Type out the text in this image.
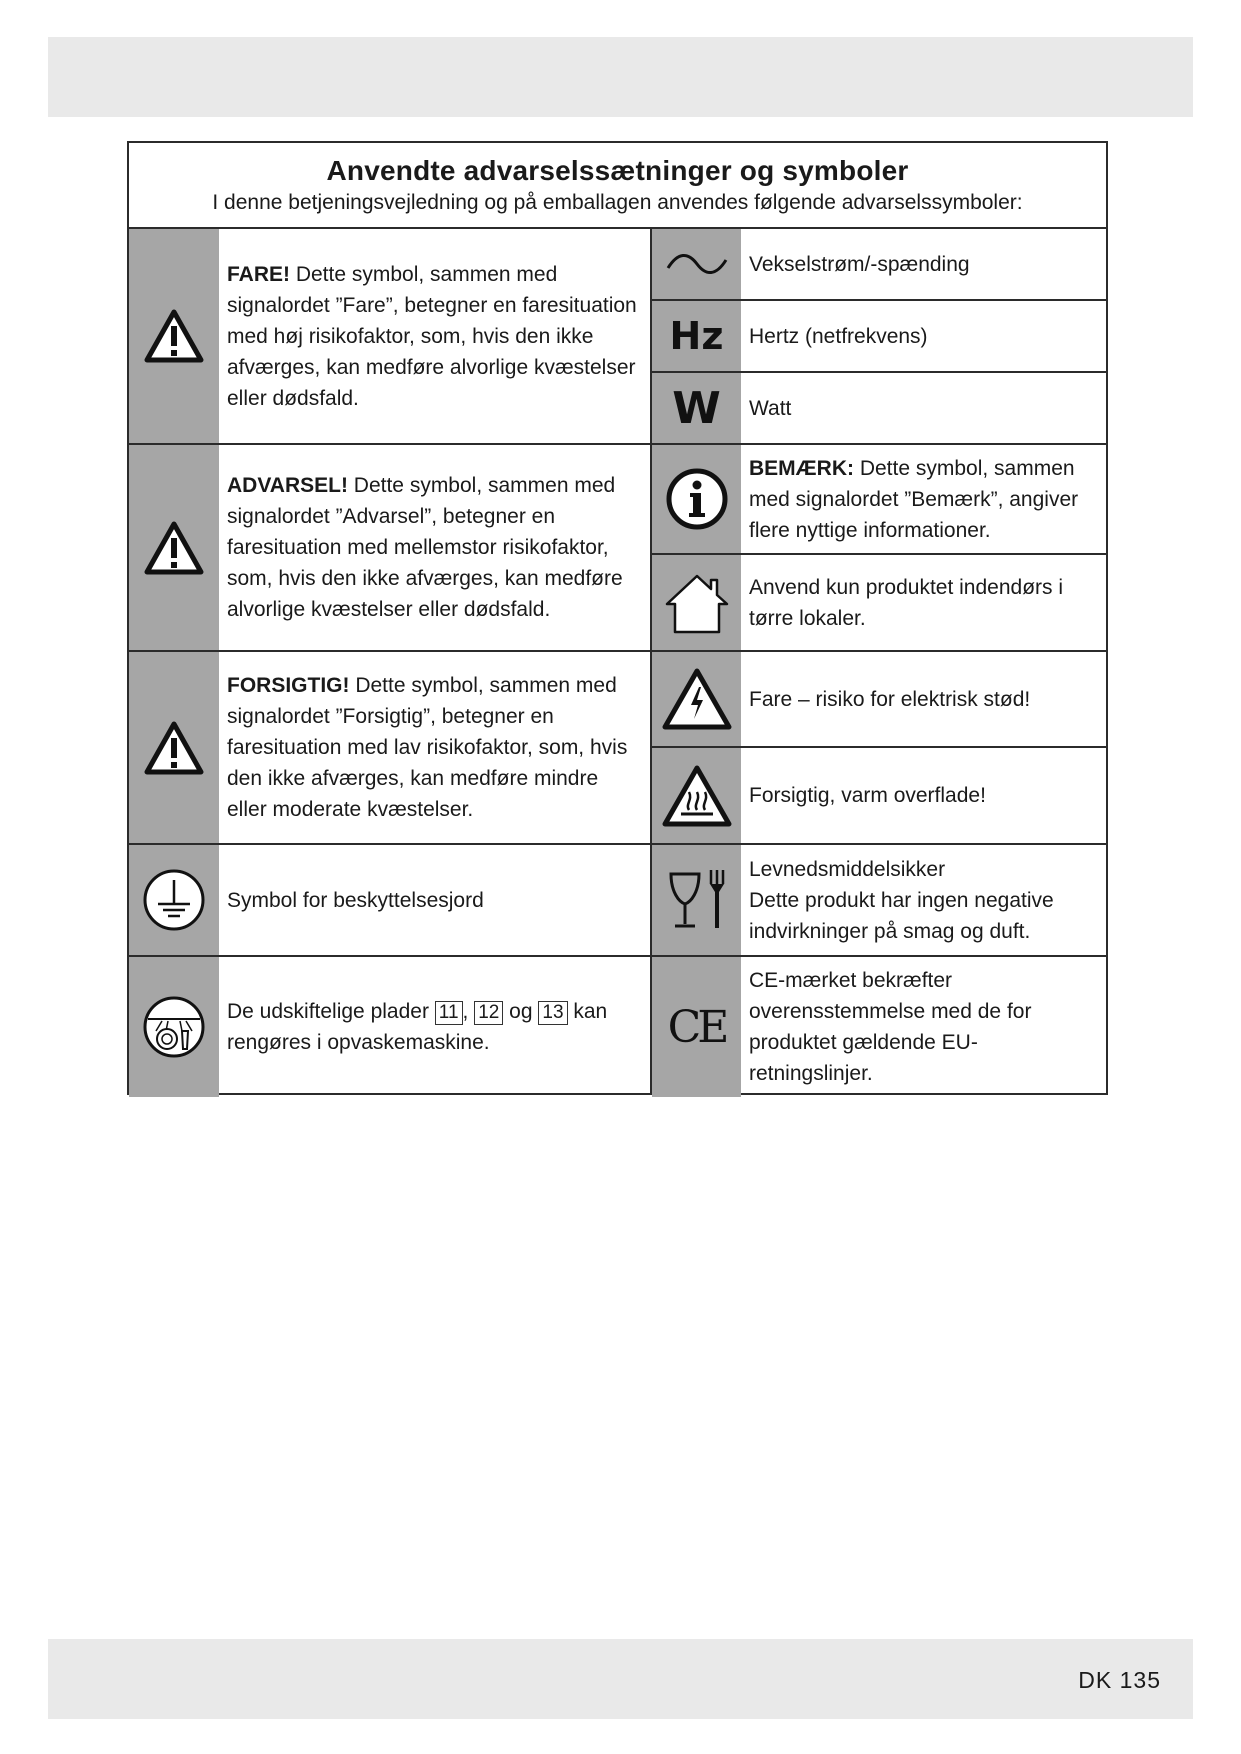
Anvendte advarselssætninger og symboler
I denne betjeningsvejledning og på emballagen anvendes følgende advarselssymboler:
FARE! Dette symbol, sammen med signalordet ”Fare”, betegner en faresituation med høj risikofaktor, som, hvis den ikke afværges, kan medføre alvorlige kvæstelser eller dødsfald.
ADVARSEL! Dette symbol, sammen med signalordet ”Advarsel”, betegner en faresituation med mellemstor risikofaktor, som, hvis den ikke afværges, kan medføre alvorlige kvæstelser eller dødsfald.
FORSIGTIG! Dette symbol, sammen med signalordet ”Forsigtig”, betegner en faresituation med lav risikofaktor, som, hvis den ikke afværges, kan medføre mindre eller moderate kvæstelser.
Symbol for beskyttelsesjord
De udskiftelige plader 11 , 12 og 13 kan rengøres i opvaskemaskine.
Vekselstrøm/-spænding
Hz Hertz (netfrekvens)
W Watt
BEMÆRK: Dette symbol, sammen med signalordet ”Bemærk”, angiver flere nyttige informationer.
Anvend kun produktet indendørs i tørre lokaler.
Fare – risiko for elektrisk stød!
Forsigtig, varm overflade!
Levnedsmiddelsikker
Dette produkt har ingen negative indvirkninger på smag og duft.
CE
CE-mærket bekræfter overensstemmelse med de for produktet gældende EU-retningslinjer.
DK 135
